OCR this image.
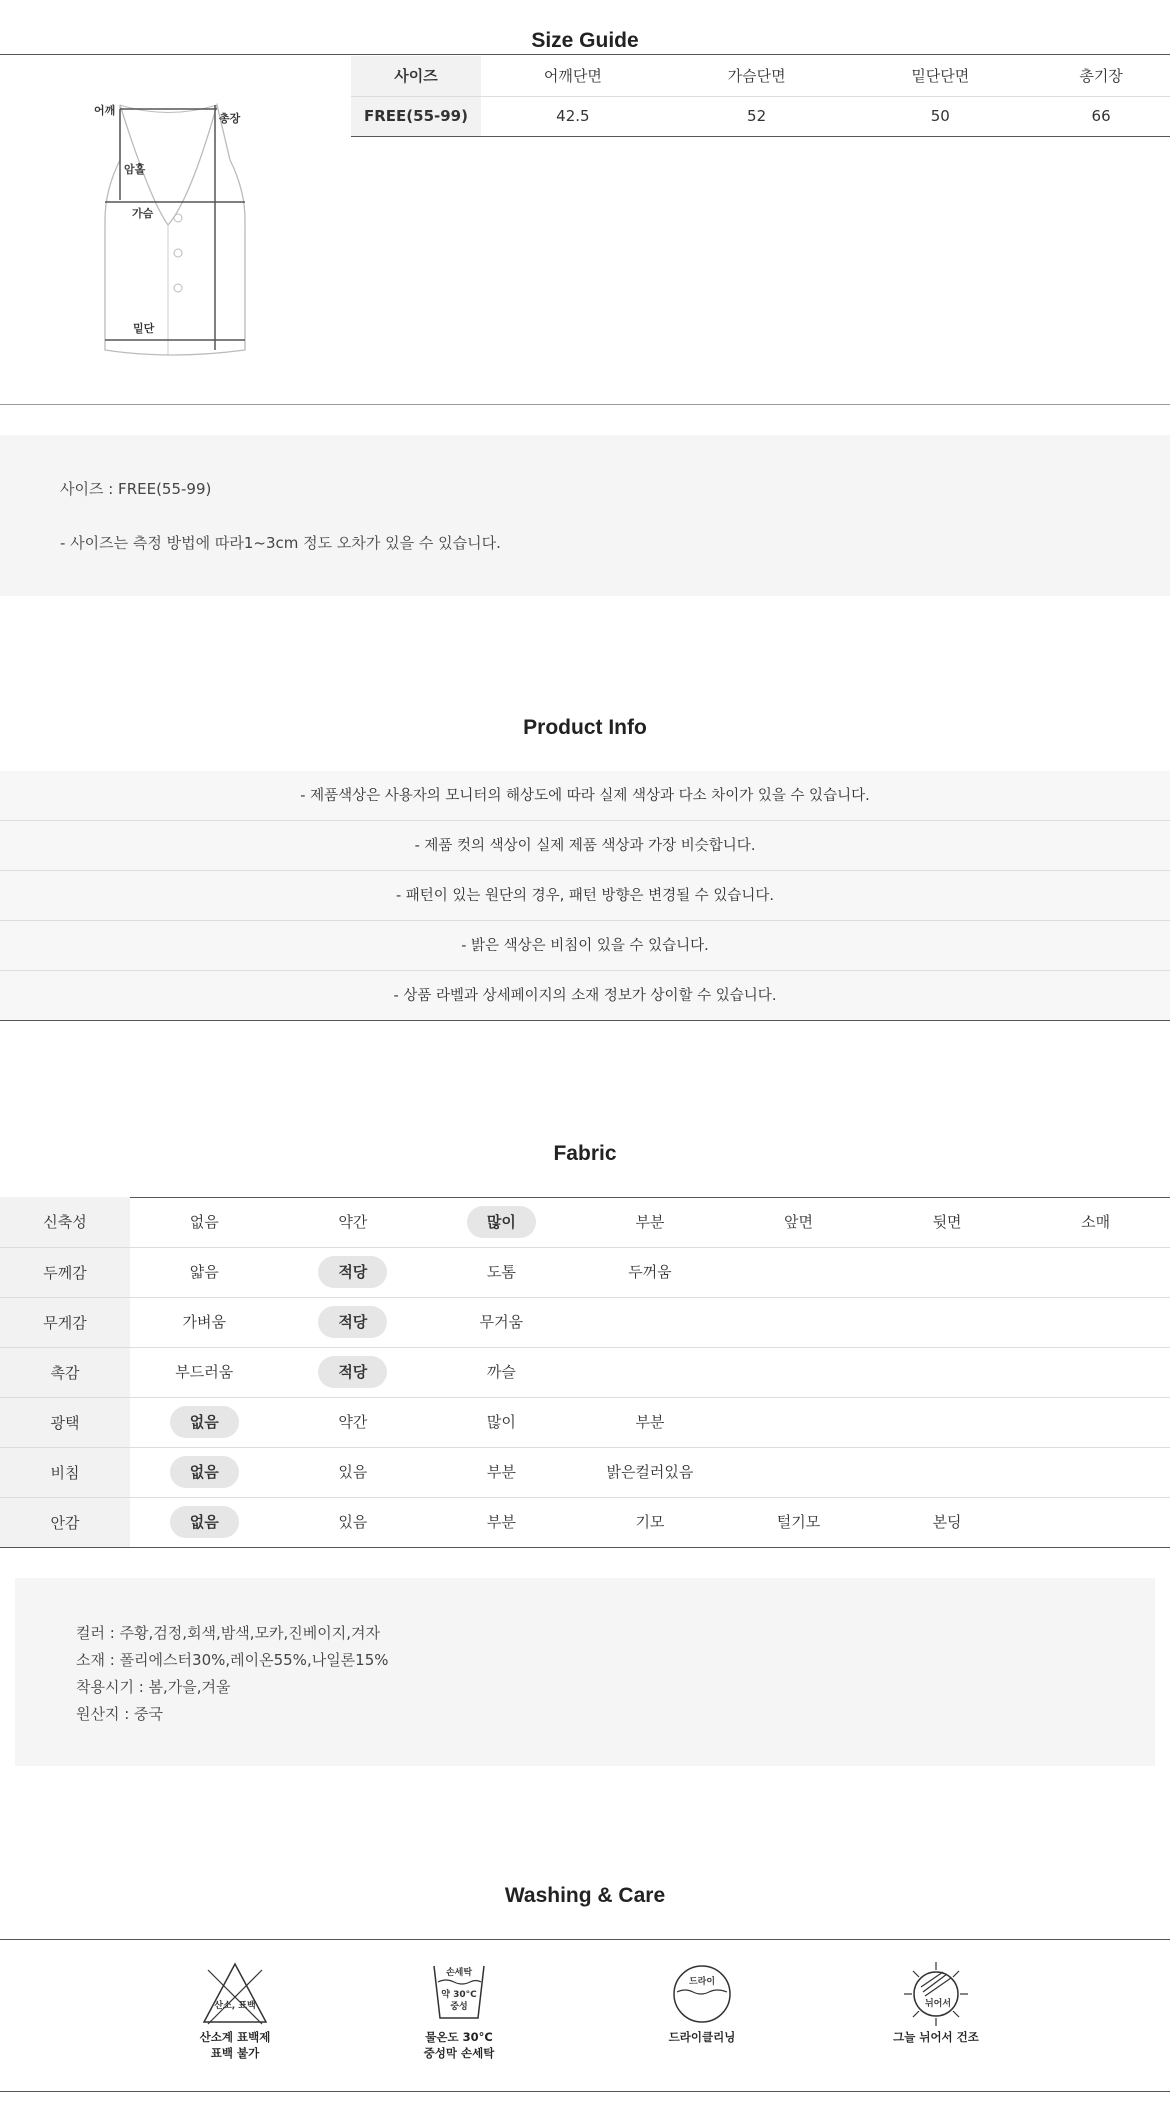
Size Guide
어깨
총장
암홀
가슴
밑단
사이즈	어깨단면	가슴단면	밑단단면	총기장
FREE(55-99)	42.5	52	50	66
사이즈 : FREE(55-99)
- 사이즈는 측정 방법에 따라1~3cm 정도 오차가 있을 수 있습니다.
Product Info
- 제품색상은 사용자의 모니터의 해상도에 따라 실제 색상과 다소 차이가 있을 수 있습니다.
- 제품 컷의 색상이 실제 제품 색상과 가장 비슷합니다.
- 패턴이 있는 원단의 경우, 패턴 방향은 변경될 수 있습니다.
- 밝은 색상은 비침이 있을 수 있습니다.
- 상품 라벨과 상세페이지의 소재 정보가 상이할 수 있습니다.
Fabric
신축성	없음	약간	많이	부분	앞면	뒷면	소매
두께감	얇음	적당	도톰	두꺼움			
무게감	가벼움	적당	무거움				
촉감	부드러움	적당	까슬				
광택	없음	약간	많이	부분			
비침	없음	있음	부분	밝은컬러있음			
안감	없음	있음	부분	기모	털기모	본딩	
컬러 : 주황,검정,회색,밤색,모카,진베이지,겨자
소재 : 폴리에스터30%,레이온55%,나일론15%
착용시기 : 봄,가을,겨울
원산지 : 중국
Washing & Care
산소, 표백
산소계 표백제
표백 불가
손세탁
약 30°C
중성
물온도 30°C
중성막 손세탁
드라이
드라이클리닝
뉘어서
그늘 뉘어서 건조
